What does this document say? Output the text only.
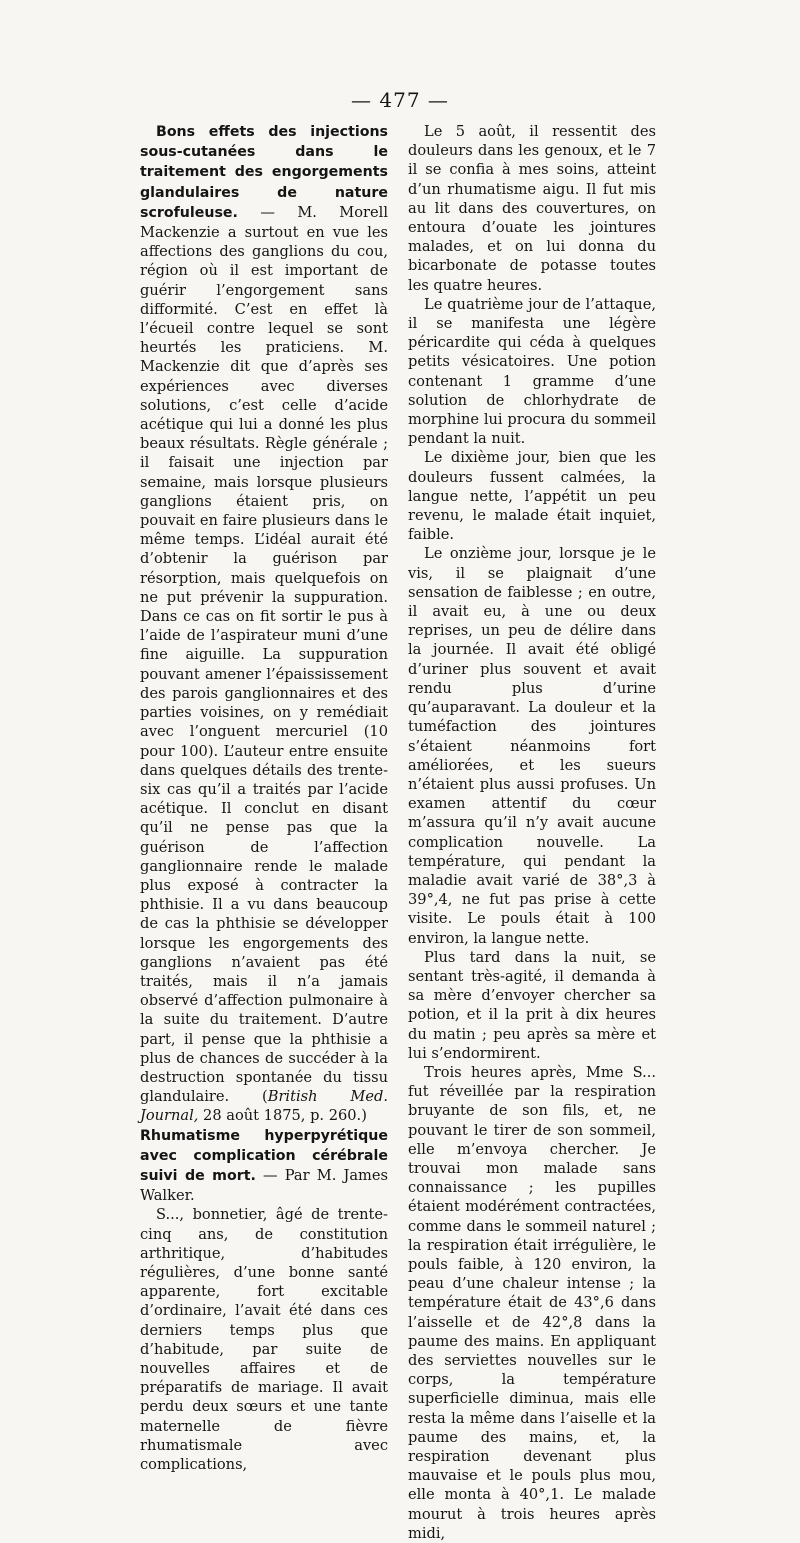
— 477 —

Bons effets des injections sous-cutanées dans le traitement des engorgements glandulaires de nature scrofuleuse. — M. Morell Mackenzie a surtout en vue les affections des ganglions du cou, région où il est important de guérir l’engorgement sans difformité. C’est en effet là l’écueil contre lequel se sont heurtés les praticiens. M. Mackenzie dit que d’après ses expériences avec diverses solutions, c’est celle d’acide acétique qui lui a donné les plus beaux résultats. Règle générale ; il faisait une injection par semaine, mais lorsque plusieurs ganglions étaient pris, on pouvait en faire plusieurs dans le même temps. L’idéal aurait été d’obtenir la guérison par résorption, mais quelquefois on ne put prévenir la suppuration. Dans ce cas on fit sortir le pus à l’aide de l’aspirateur muni d’une fine aiguille. La suppuration pouvant amener l’épaississement des parois ganglionnaires et des parties voisines, on y remédiait avec l’onguent mercuriel (10 pour 100). L’auteur entre ensuite dans quelques détails des trente-six cas qu’il a traités par l’acide acétique. Il conclut en disant qu’il ne pense pas que la guérison de l’affection ganglionnaire rende le malade plus exposé à contracter la phthisie. Il a vu dans beaucoup de cas la phthisie se développer lorsque les engorgements des ganglions n’avaient pas été traités, mais il n’a jamais observé d’affection pulmonaire à la suite du traitement. D’autre part, il pense que la phthisie a plus de chances de succéder à la destruction spontanée du tissu glandulaire. (British Med. Journal, 28 août 1875, p. 260.)

Rhumatisme hyperpyrétique avec complication cérébrale suivi de mort. — Par M. James Walker.

S..., bonnetier, âgé de trente-cinq ans, de constitution arthritique, d’habitudes régulières, d’une bonne santé apparente, fort excitable d’ordinaire, l’avait été dans ces derniers temps plus que d’habitude, par suite de nouvelles affaires et de préparatifs de mariage. Il avait perdu deux sœurs et une tante maternelle de fièvre rhumatismale avec complications,

Le 5 août, il ressentit des douleurs dans les genoux, et le 7 il se confia à mes soins, atteint d’un rhumatisme aigu. Il fut mis au lit dans des couvertures, on entoura d’ouate les jointures malades, et on lui donna du bicarbonate de potasse toutes les quatre heures.

Le quatrième jour de l’attaque, il se manifesta une légère péricardite qui céda à quelques petits vésicatoires. Une potion contenant 1 gramme d’une solution de chlorhydrate de morphine lui procura du sommeil pendant la nuit.

Le dixième jour, bien que les douleurs fussent calmées, la langue nette, l’appétit un peu revenu, le malade était inquiet, faible.

Le onzième jour, lorsque je le vis, il se plaignait d’une sensation de faiblesse ; en outre, il avait eu, à une ou deux reprises, un peu de délire dans la journée. Il avait été obligé d’uriner plus souvent et avait rendu plus d’urine qu’auparavant. La douleur et la tuméfaction des jointures s’étaient néanmoins fort améliorées, et les sueurs n’étaient plus aussi profuses. Un examen attentif du cœur m’assura qu’il n’y avait aucune complication nouvelle. La température, qui pendant la maladie avait varié de 38°,3 à 39°,4, ne fut pas prise à cette visite. Le pouls était à 100 environ, la langue nette.

Plus tard dans la nuit, se sentant très-agité, il demanda à sa mère d’envoyer chercher sa potion, et il la prit à dix heures du matin ; peu après sa mère et lui s’endormirent.

Trois heures après, Mme S... fut réveillée par la respiration bruyante de son fils, et, ne pouvant le tirer de son sommeil, elle m’envoya chercher. Je trouvai mon malade sans connaissance ; les pupilles étaient modérément contractées, comme dans le sommeil naturel ; la respiration était irrégulière, le pouls faible, à 120 environ, la peau d’une chaleur intense ; la température était de 43°,6 dans l’aisselle et de 42°,8 dans la paume des mains. En appliquant des serviettes nouvelles sur le corps, la température superficielle diminua, mais elle resta la même dans l’aiselle et la paume des mains, et, la respiration devenant plus mauvaise et le pouls plus mou, elle monta à 40°,1. Le malade mourut à trois heures après midi,
